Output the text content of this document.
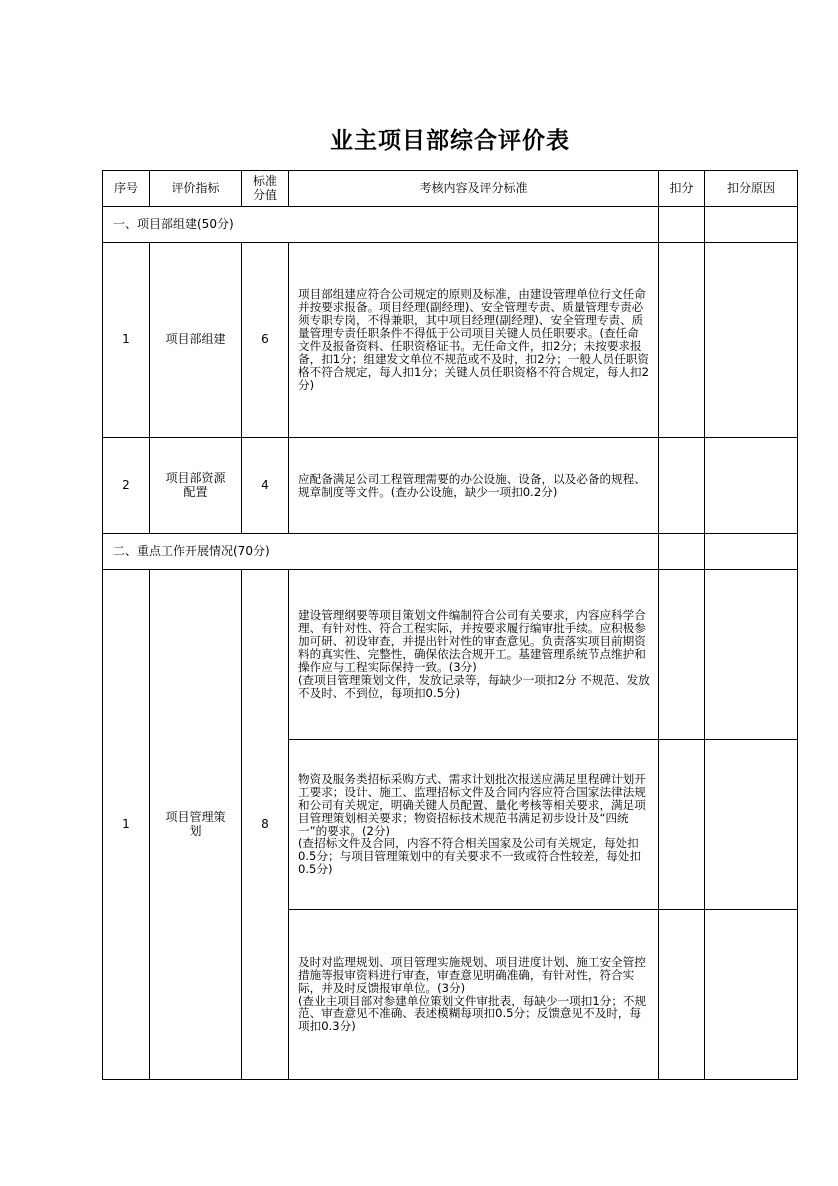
业主项目部综合评价表
序号	评价指标	标准分值	考核内容及评分标准	扣分	扣分原因
一、项目部组建(50分)					
1	项目部组建	6	项目部组建应符合公司规定的原则及标准，由建设管理单位行文任命并按要求报备。项目经理(副经理)、安全管理专责、质量管理专责必须专职专岗，不得兼职，其中项目经理(副经理)、安全管理专责、质量管理专责任职条件不得低于公司项目关键人员任职要求。(查任命文件及报备资料、任职资格证书。无任命文件，扣2分；未按要求报备，扣1分；组建发文单位不规范或不及时，扣2分；一般人员任职资格不符合规定，每人扣1分；关键人员任职资格不符合规定，每人扣2分)		
2	项目部资源配置	4	应配备满足公司工程管理需要的办公设施、设备，以及必备的规程、规章制度等文件。(查办公设施，缺少一项扣0.2分)		
二、重点工作开展情况(70分)					
1	项目管理策划	8	建设管理纲要等项目策划文件编制符合公司有关要求，内容应科学合理、有针对性、符合工程实际，并按要求履行编审批手续。应积极参加可研、初设审查，并提出针对性的审查意见。负责落实项目前期资料的真实性、完整性，确保依法合规开工。基建管理系统节点维护和操作应与工程实际保持一致。(3分)

(查项目管理策划文件，发放记录等，每缺少一项扣2分 不规范、发放不及时、不到位，每项扣0.5分)		

			物资及服务类招标采购方式、需求计划批次报送应满足里程碑计划开工要求；设计、施工、监理招标文件及合同内容应符合国家法律法规和公司有关规定，明确关键人员配置、量化考核等相关要求，满足项目管理策划相关要求；物资招标技术规范书满足初步设计及“四统一”的要求。(2分)

(查招标文件及合同，内容不符合相关国家及公司有关规定，每处扣0.5分；与项目管理策划中的有关要求不一致或符合性较差，每处扣0.5分)		

			及时对监理规划、项目管理实施规划、项目进度计划、施工安全管控措施等报审资料进行审查，审查意见明确准确，有针对性，符合实际，并及时反馈报审单位。(3分)

(查业主项目部对参建单位策划文件审批表，每缺少一项扣1分；不规范、审查意见不准确、表述模糊每项扣0.5分；反馈意见不及时，每项扣0.3分)		
